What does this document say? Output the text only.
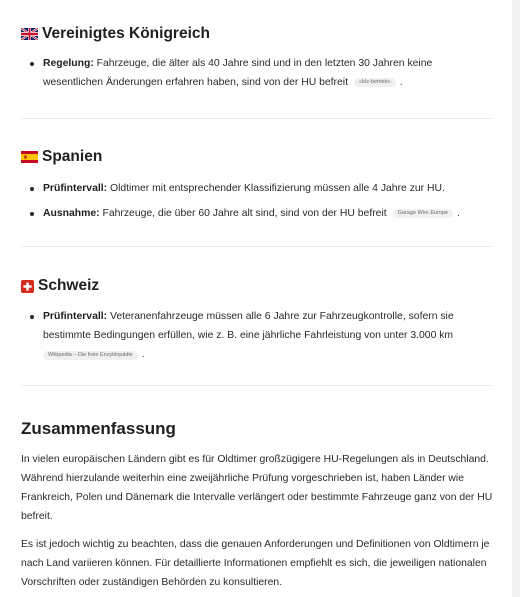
Vereinigtes Königreich
Regelung: Fahrzeuge, die älter als 40 Jahre sind und in den letzten 30 Jahren keine wesentlichen Änderungen erfahren haben, sind von der HU befreit «kfz-betrieb» .
Spanien
Prüfintervall: Oldtimer mit entsprechender Klassifizierung müssen alle 4 Jahre zur HU.
Ausnahme: Fahrzeuge, die über 60 Jahre alt sind, sind von der HU befreit Garage Wire Europe .
Schweiz
Prüfintervall: Veteranenfahrzeuge müssen alle 6 Jahre zur Fahrzeugkontrolle, sofern sie bestimmte Bedingungen erfüllen, wie z. B. eine jährliche Fahrleistung von unter 3.000 km
Wikipedia – Die freie Enzyklopädie .
Zusammenfassung

In vielen europäischen Ländern gibt es für Oldtimer großzügigere HU-Regelungen als in Deutschland. Während hierzulande weiterhin eine zweijährliche Prüfung vorgeschrieben ist, haben Länder wie Frankreich, Polen und Dänemark die Intervalle verlängert oder bestimmte Fahrzeuge ganz von der HU befreit.

Es ist jedoch wichtig zu beachten, dass die genauen Anforderungen und Definitionen von Oldtimern je nach Land variieren können. Für detaillierte Informationen empfiehlt es sich, die jeweiligen nationalen Vorschriften oder zuständigen Behörden zu konsultieren.
